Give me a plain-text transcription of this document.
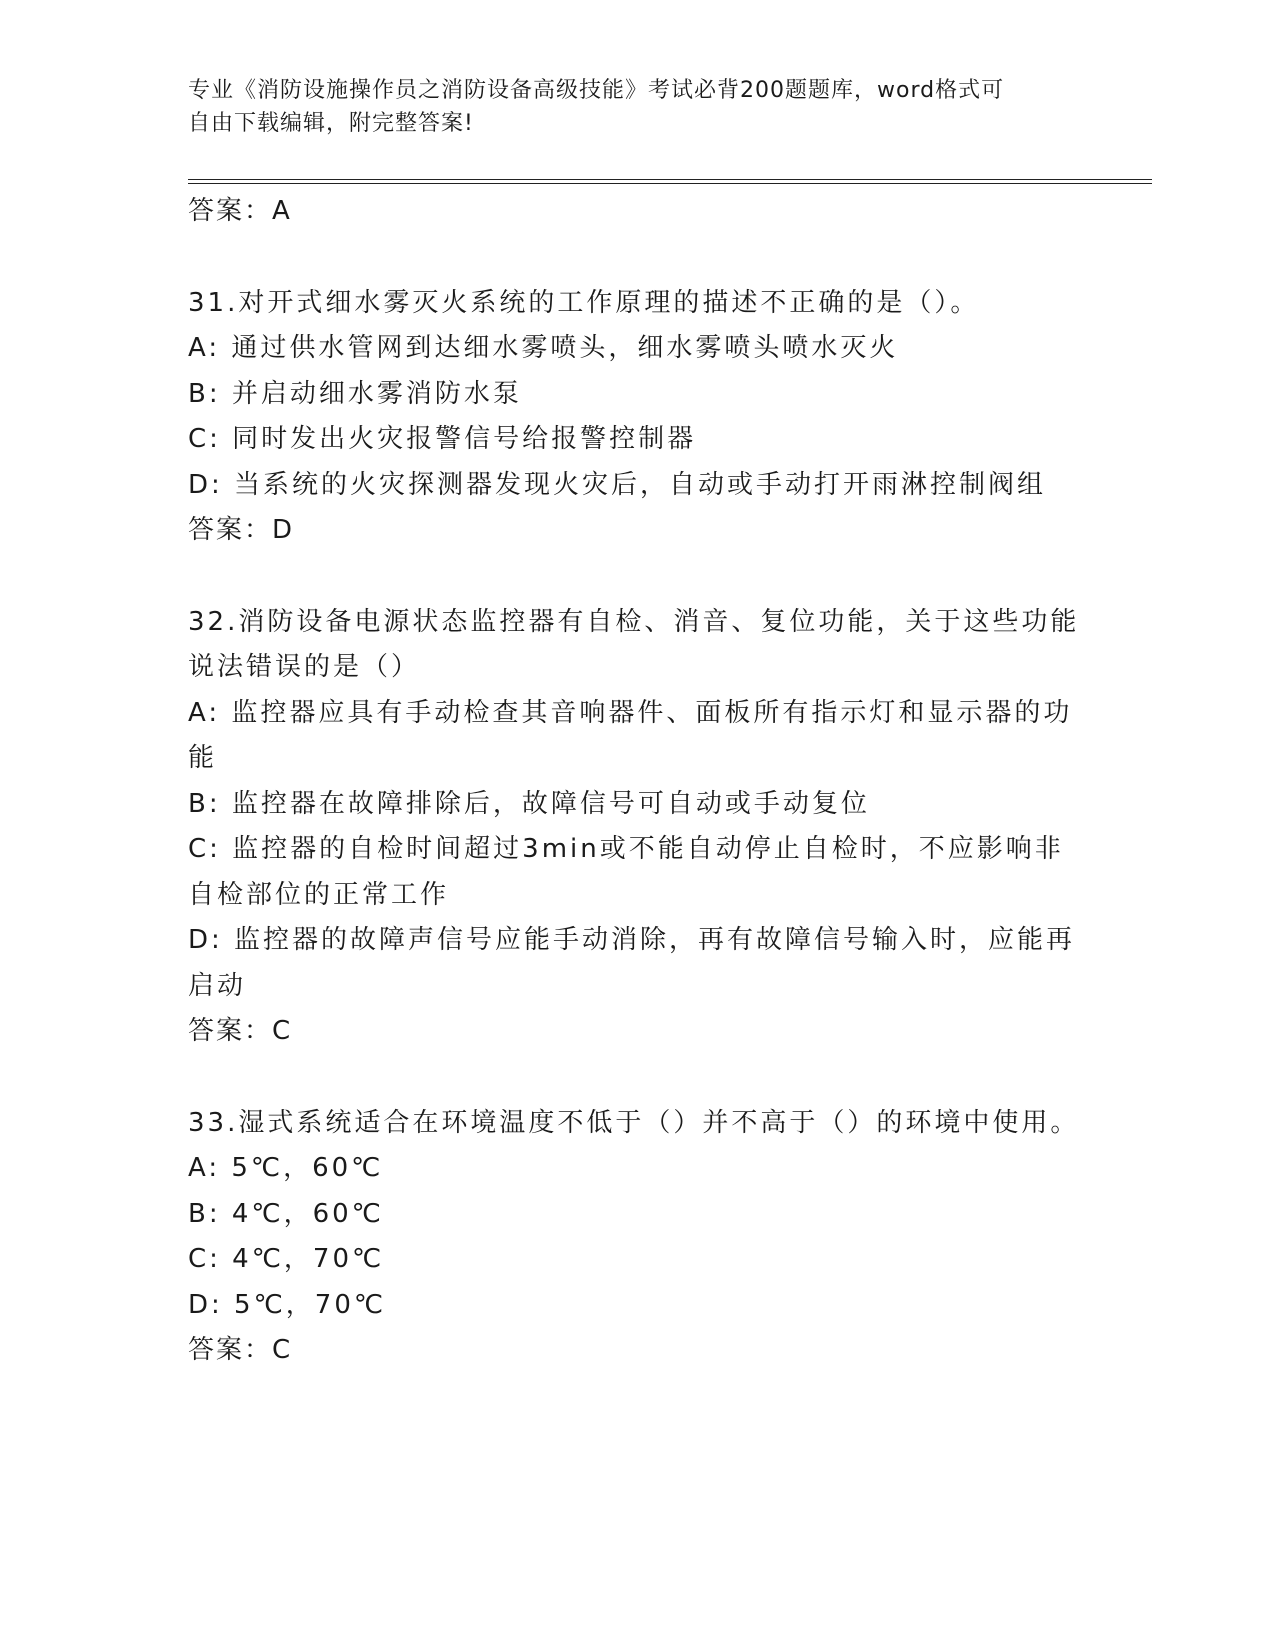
专业《消防设施操作员之消防设备高级技能》考试必背200题题库，word格式可
自由下载编辑，附完整答案!
答案：A
31.对开式细水雾灭火系统的工作原理的描述不正确的是（）。
A: 通过供水管网到达细水雾喷头，细水雾喷头喷水灭火
B: 并启动细水雾消防水泵
C: 同时发出火灾报警信号给报警控制器
D: 当系统的火灾探测器发现火灾后，自动或手动打开雨淋控制阀组
答案：D
32.消防设备电源状态监控器有自检、消音、复位功能，关于这些功能
说法错误的是（）
A: 监控器应具有手动检查其音响器件、面板所有指示灯和显示器的功
能
B: 监控器在故障排除后，故障信号可自动或手动复位
C: 监控器的自检时间超过3min或不能自动停止自检时，不应影响非
自检部位的正常工作
D: 监控器的故障声信号应能手动消除，再有故障信号输入时，应能再
启动
答案：C
33.湿式系统适合在环境温度不低于（）并不高于（）的环境中使用。
A: 5℃，60℃
B: 4℃，60℃
C: 4℃，70℃
D: 5℃，70℃
答案：C
